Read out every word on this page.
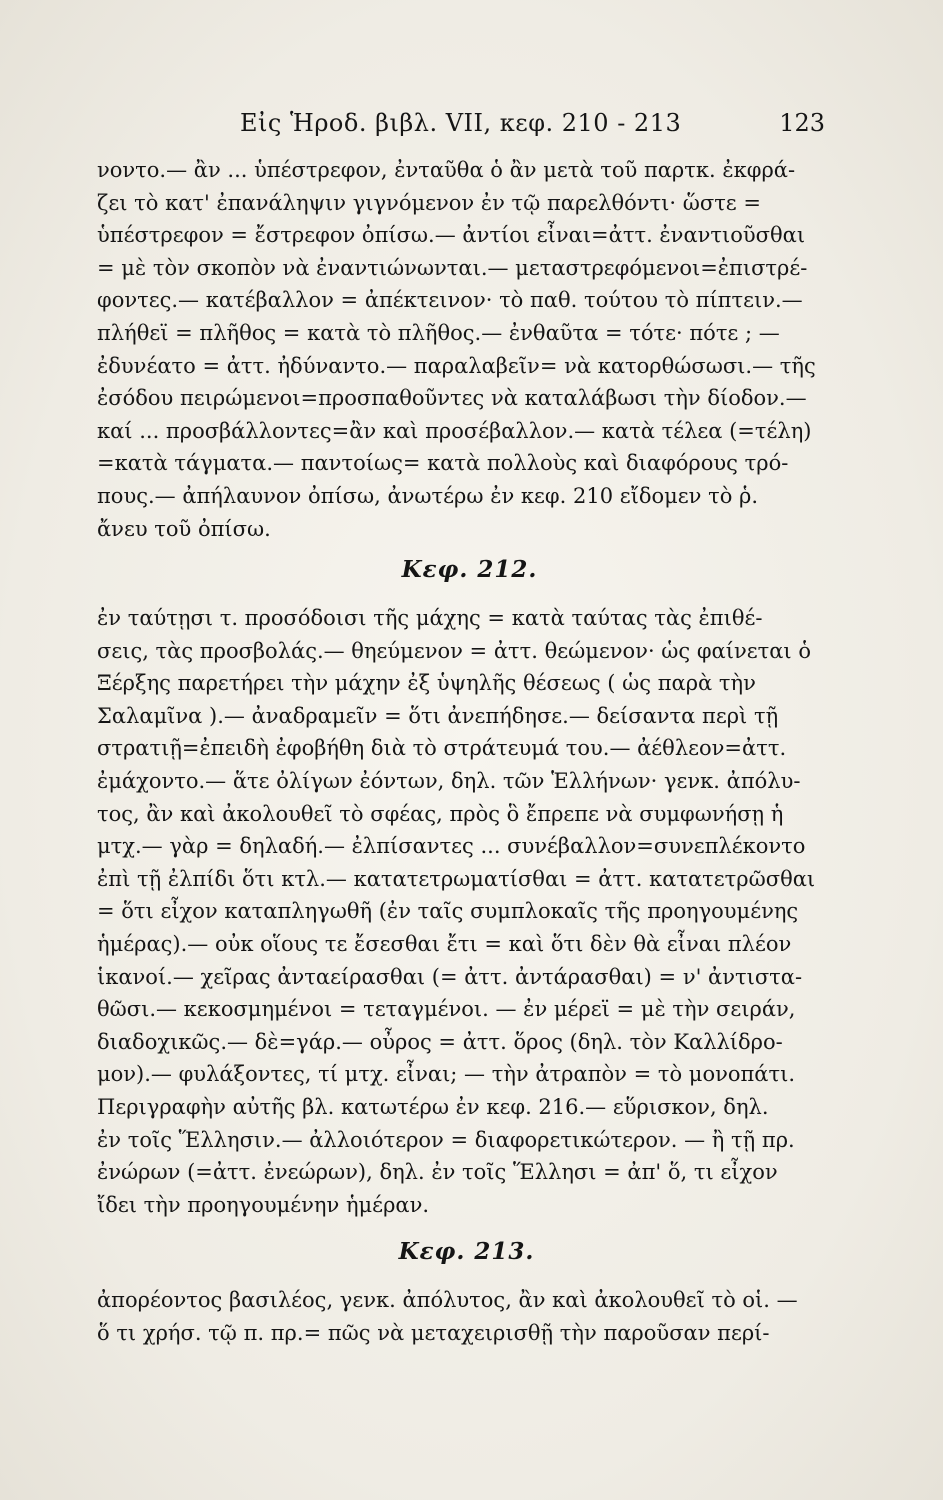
Εἰς Ἡροδ. βιβλ. VII, κεφ. 210 - 213	123
νοντο.— ἂν ... ὑπέστρεφον, ἐνταῦθα ὁ ἂν μετὰ τοῦ παρτκ. ἐκφρά-
ζει τὸ κατ' ἐπανάληψιν γιγνόμενον ἐν τῷ παρελθόντι· ὥστε =
ὑπέστρεφον = ἔστρεφον ὀπίσω.— ἀντίοι εἶναι=ἀττ. ἐναντιοῦσθαι
= μὲ τὸν σκοπὸν νὰ ἐναντιώνωνται.— μεταστρεφόμενοι=ἐπιστρέ-
φοντες.— κατέβαλλον = ἀπέκτεινον· τὸ παθ. τούτου τὸ πίπτειν.—
πλήθεϊ = πλῆθος = κατὰ τὸ πλῆθος.— ἐνθαῦτα = τότε· πότε ; —
ἐδυνέατο = ἀττ. ἠδύναντο.— παραλαβεῖν= νὰ κατορθώσωσι.— τῆς
ἐσόδου πειρώμενοι=προσπαθοῦντες νὰ καταλάβωσι τὴν δίοδον.—
καί ... προσβάλλοντες=ἂν καὶ προσέβαλλον.— κατὰ τέλεα (=τέλη)
=κατὰ τάγματα.— παντοίως= κατὰ πολλοὺς καὶ διαφόρους τρό-
πους.— ἀπήλαυνον ὀπίσω, ἀνωτέρω ἐν κεφ. 210 εἴδομεν τὸ ῥ.
ἄνευ τοῦ ὀπίσω.
Κεφ. 212.
ἐν ταύτῃσι τ. προσόδοισι τῆς μάχης = κατὰ ταύτας τὰς ἐπιθέ-
σεις, τὰς προσβολάς.— θηεύμενον = ἀττ. θεώμενον· ὡς φαίνεται ὁ
Ξέρξης παρετήρει τὴν μάχην ἐξ ὑψηλῆς θέσεως ( ὡς παρὰ τὴν
Σαλαμῖνα ).— ἀναδραμεῖν = ὅτι ἀνεπήδησε.— δείσαντα περὶ τῇ
στρατιῇ=ἐπειδὴ ἐφοβήθη διὰ τὸ στράτευμά του.— ἀέθλεον=ἀττ.
ἐμάχοντο.— ἅτε ὀλίγων ἐόντων, δηλ. τῶν Ἑλλήνων· γενκ. ἀπόλυ-
τος, ἂν καὶ ἀκολουθεῖ τὸ σφέας, πρὸς ὃ ἔπρεπε νὰ συμφωνήσῃ ἡ
μτχ.— γὰρ = δηλαδή.— ἐλπίσαντες ... συνέβαλλον=συνεπλέκοντο
ἐπὶ τῇ ἐλπίδι ὅτι κτλ.— κατατετρωματίσθαι = ἀττ. κατατετρῶσθαι
= ὅτι εἶχον καταπληγωθῆ (ἐν ταῖς συμπλοκαῖς τῆς προηγουμένης
ἡμέρας).— οὐκ οἵους τε ἔσεσθαι ἔτι = καὶ ὅτι δὲν θὰ εἶναι πλέον
ἱκανοί.— χεῖρας ἀνταείρασθαι (= ἀττ. ἀντάρασθαι) = ν' ἀντιστα-
θῶσι.— κεκοσμημένοι = τεταγμένοι. — ἐν μέρεϊ = μὲ τὴν σειράν,
διαδοχικῶς.— δὲ=γάρ.— οὖρος = ἀττ. ὅρος (δηλ. τὸν Καλλίδρο-
μον).— φυλάξοντες, τί μτχ. εἶναι; — τὴν ἀτραπὸν = τὸ μονοπάτι.
Περιγραφὴν αὐτῆς βλ. κατωτέρω ἐν κεφ. 216.— εὕρισκον, δηλ.
ἐν τοῖς Ἕλλησιν.— ἀλλοιότερον = διαφορετικώτερον. — ἢ τῇ πρ.
ἐνώρων (=ἀττ. ἐνεώρων), δηλ. ἐν τοῖς Ἕλλησι = ἀπ' ὅ, τι εἶχον
ἴδει τὴν προηγουμένην ἡμέραν.
Κεφ. 213.
ἀπορέοντος βασιλέος, γενκ. ἀπόλυτος, ἂν καὶ ἀκολουθεῖ τὸ οἱ. —
ὅ τι χρήσ. τῷ π. πρ.= πῶς νὰ μεταχειρισθῇ τὴν παροῦσαν περί-
